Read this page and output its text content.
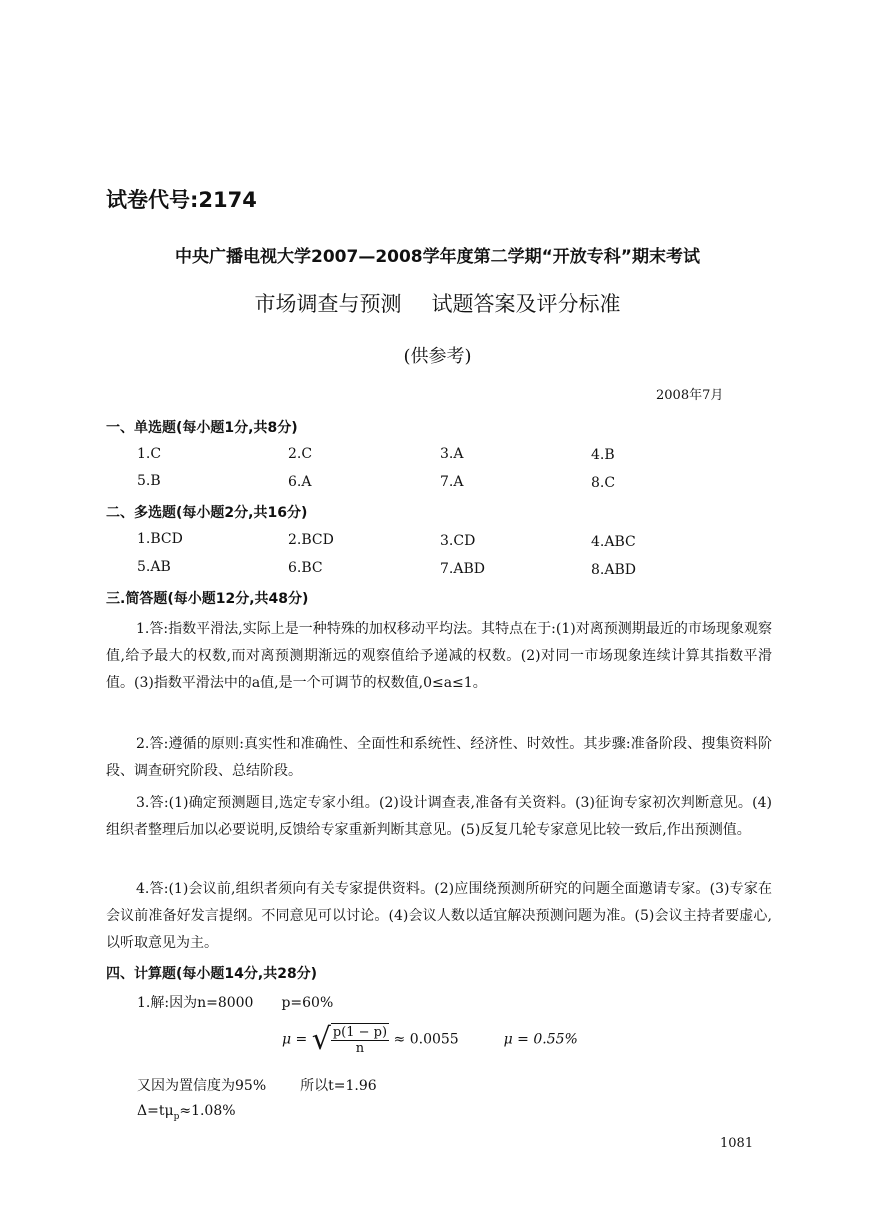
试卷代号:2174
中央广播电视大学2007—2008学年度第二学期“开放专科”期末考试
市场调查与预测 试题答案及评分标准
(供参考)
2008年7月
一、单选题(每小题1分,共8分)
1.C	2.C	3.A	4.B
5.B	6.A	7.A	8.C
二、多选题(每小题2分,共16分)
1.BCD	2.BCD	3.CD	4.ABC
5.AB	6.BC	7.ABD	8.ABD
三.简答题(每小题12分,共48分)
1.答:指数平滑法,实际上是一种特殊的加权移动平均法。其特点在于:(1)对离预测期最近的市场现象观察值,给予最大的权数,而对离预测期渐远的观察值给予递减的权数。(2)对同一市场现象连续计算其指数平滑值。(3)指数平滑法中的a值,是一个可调节的权数值,0≤a≤1。
2.答:遵循的原则:真实性和准确性、全面性和系统性、经济性、时效性。其步骤:准备阶段、搜集资料阶段、调查研究阶段、总结阶段。
3.答:(1)确定预测题目,选定专家小组。(2)设计调查表,准备有关资料。(3)征询专家初次判断意见。(4)组织者整理后加以必要说明,反馈给专家重新判断其意见。(5)反复几轮专家意见比较一致后,作出预测值。
4.答:(1)会议前,组织者须向有关专家提供资料。(2)应围绕预测所研究的问题全面邀请专家。(3)专家在会议前准备好发言提纲。不同意见可以讨论。(4)会议人数以适宜解决预测问题为准。(5)会议主持者要虚心,以听取意见为主。
四、计算题(每小题14分,共28分)
1.解:因为n=8000 p=60%
μ = √ $\frac{p(1 - p)}{n} \approx 0.0055$	μ = 0.55%
又因为置信度为95% 所以t=1.96
$\Delta=t\mu_p\approx 1.08\%$
1081
